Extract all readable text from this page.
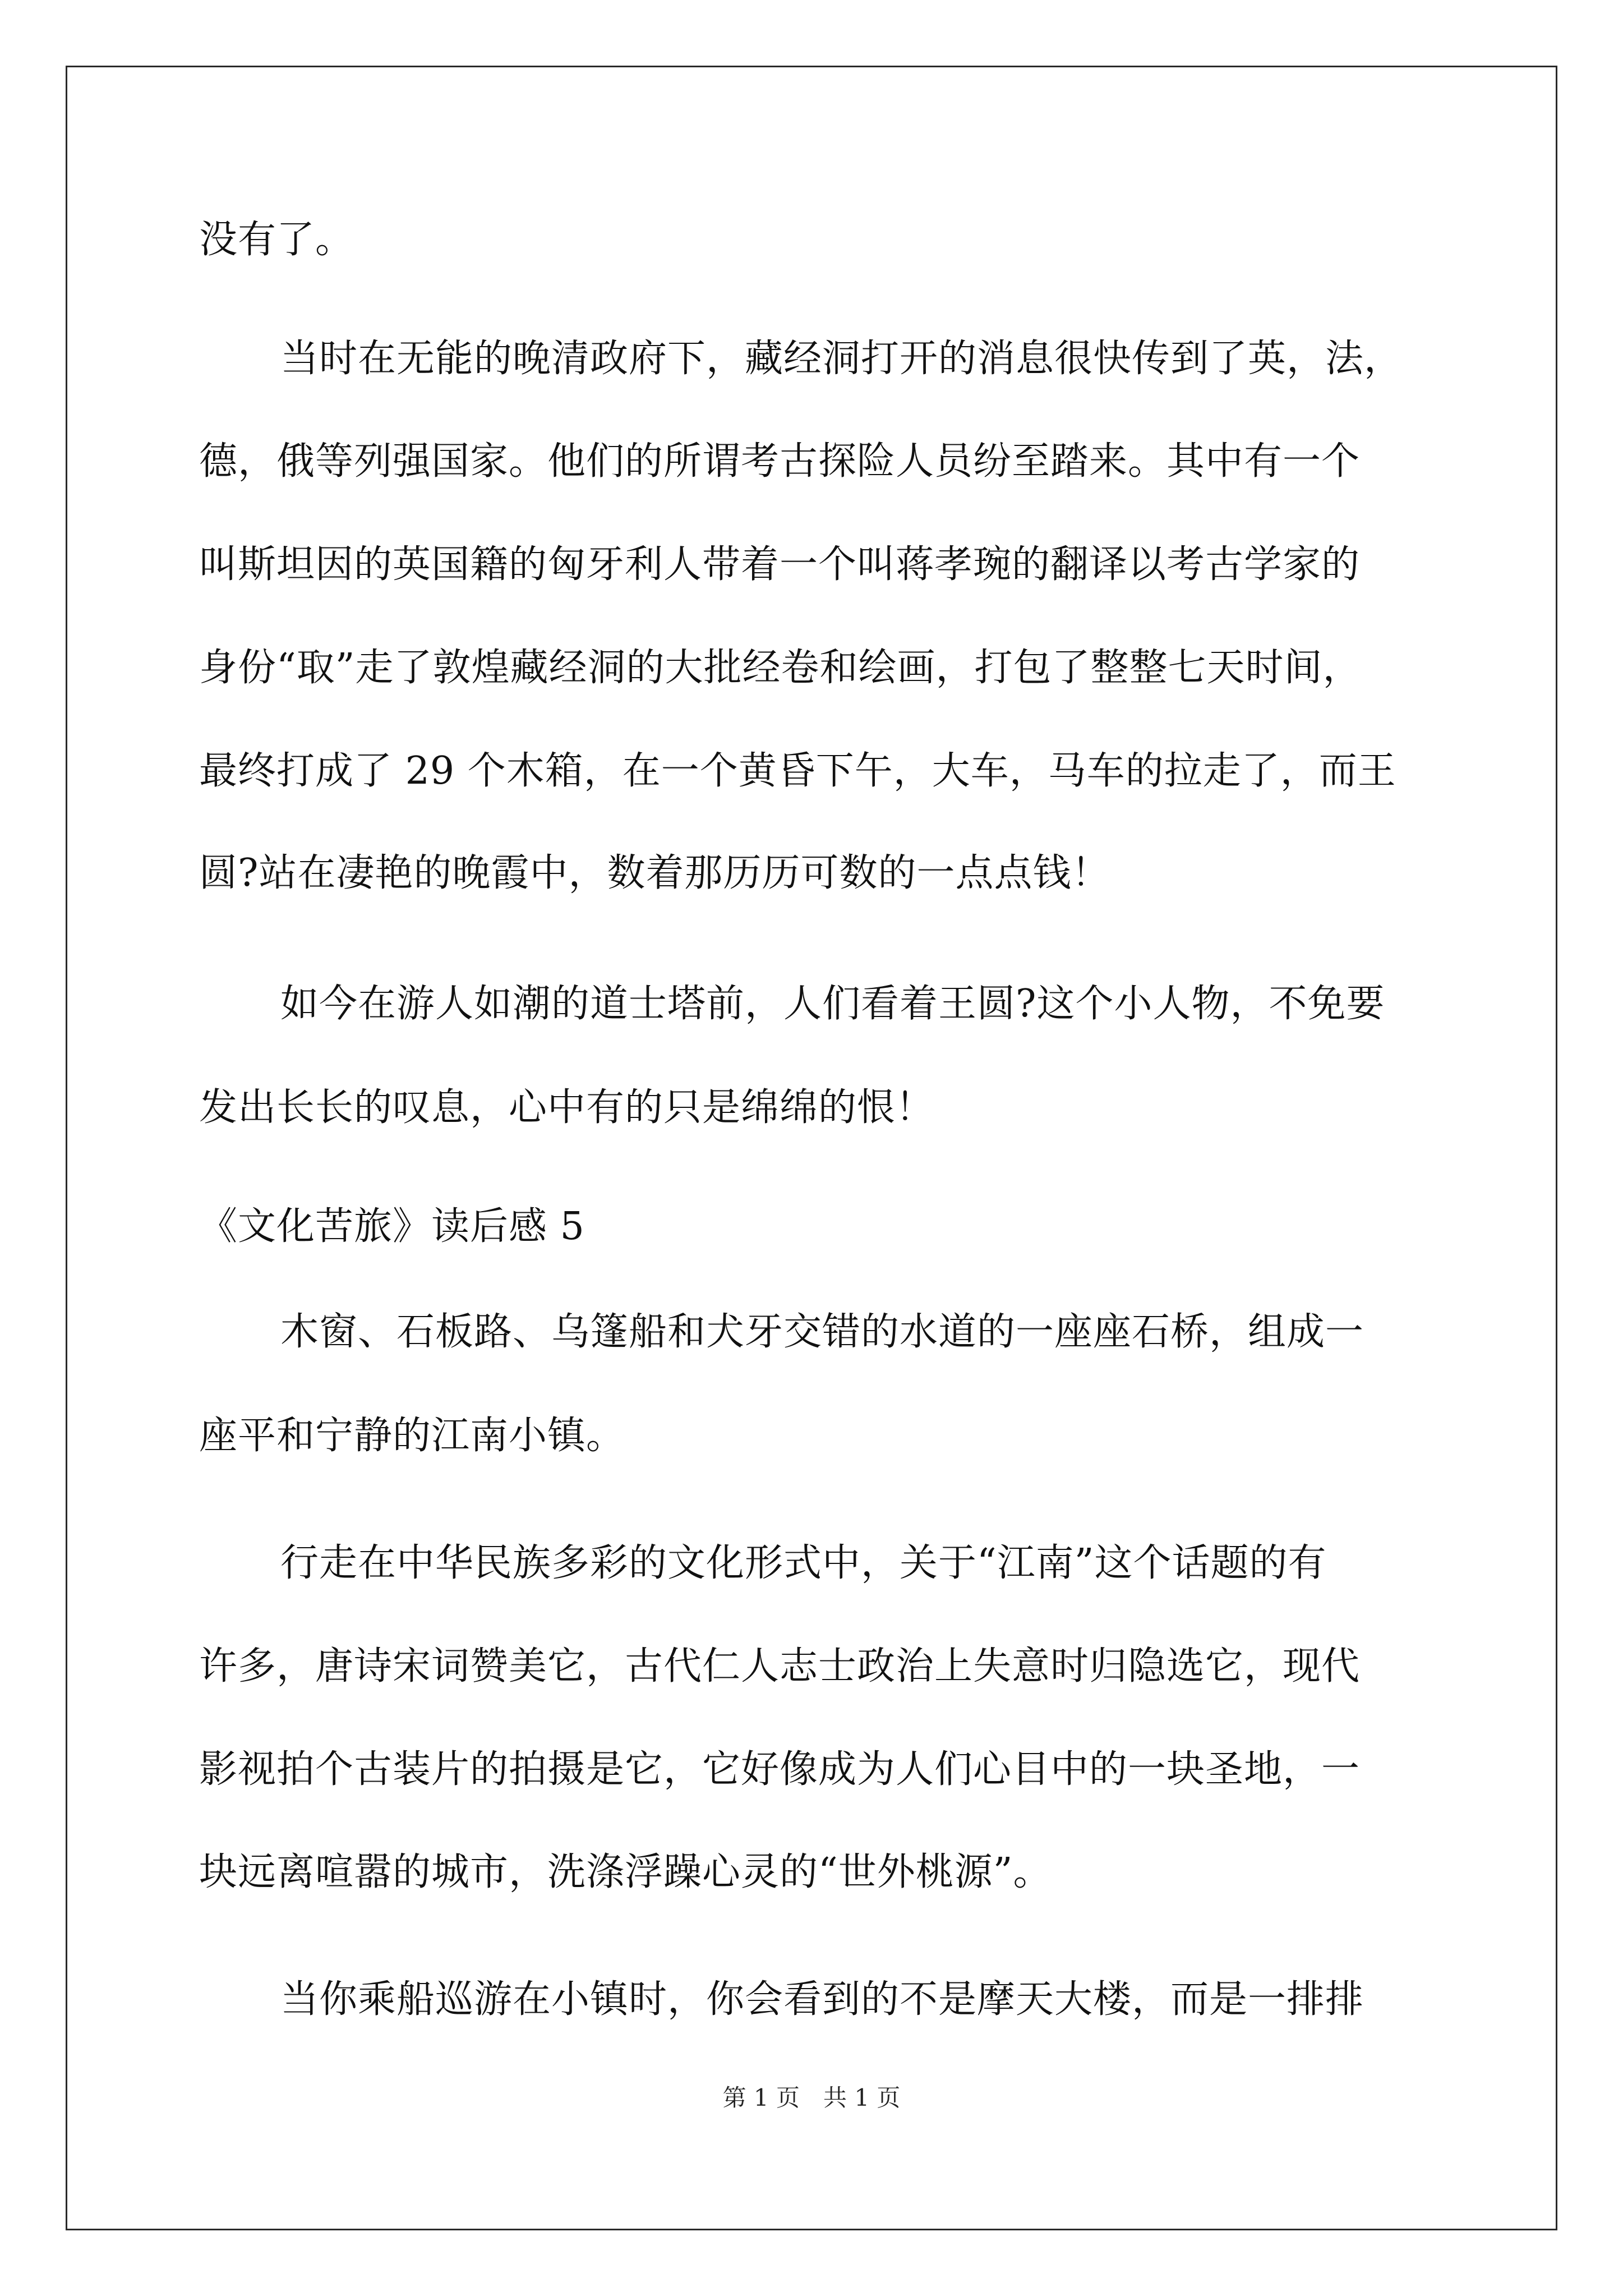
没有了。
当时在无能的晚清政府下，藏经洞打开的消息很快传到了英，法，
德，俄等列强国家。他们的所谓考古探险人员纷至踏来。其中有一个
叫斯坦因的英国籍的匈牙利人带着一个叫蒋孝琬的翻译以考古学家的
身份“取”走了敦煌藏经洞的大批经卷和绘画，打包了整整七天时间，
最终打成了 29 个木箱，在一个黄昏下午，大车，马车的拉走了，而王
圆?站在凄艳的晚霞中，数着那历历可数的一点点钱！
如今在游人如潮的道士塔前，人们看着王圆?这个小人物，不免要
发出长长的叹息，心中有的只是绵绵的恨！
《文化苦旅》读后感 5
木窗、石板路、乌篷船和犬牙交错的水道的一座座石桥，组成一
座平和宁静的江南小镇。
行走在中华民族多彩的文化形式中，关于“江南”这个话题的有
许多，唐诗宋词赞美它，古代仁人志士政治上失意时归隐选它，现代
影视拍个古装片的拍摄是它，它好像成为人们心目中的一块圣地，一
块远离喧嚣的城市，洗涤浮躁心灵的“世外桃源”。
当你乘船巡游在小镇时，你会看到的不是摩天大楼，而是一排排
第 1 页　共 1 页
